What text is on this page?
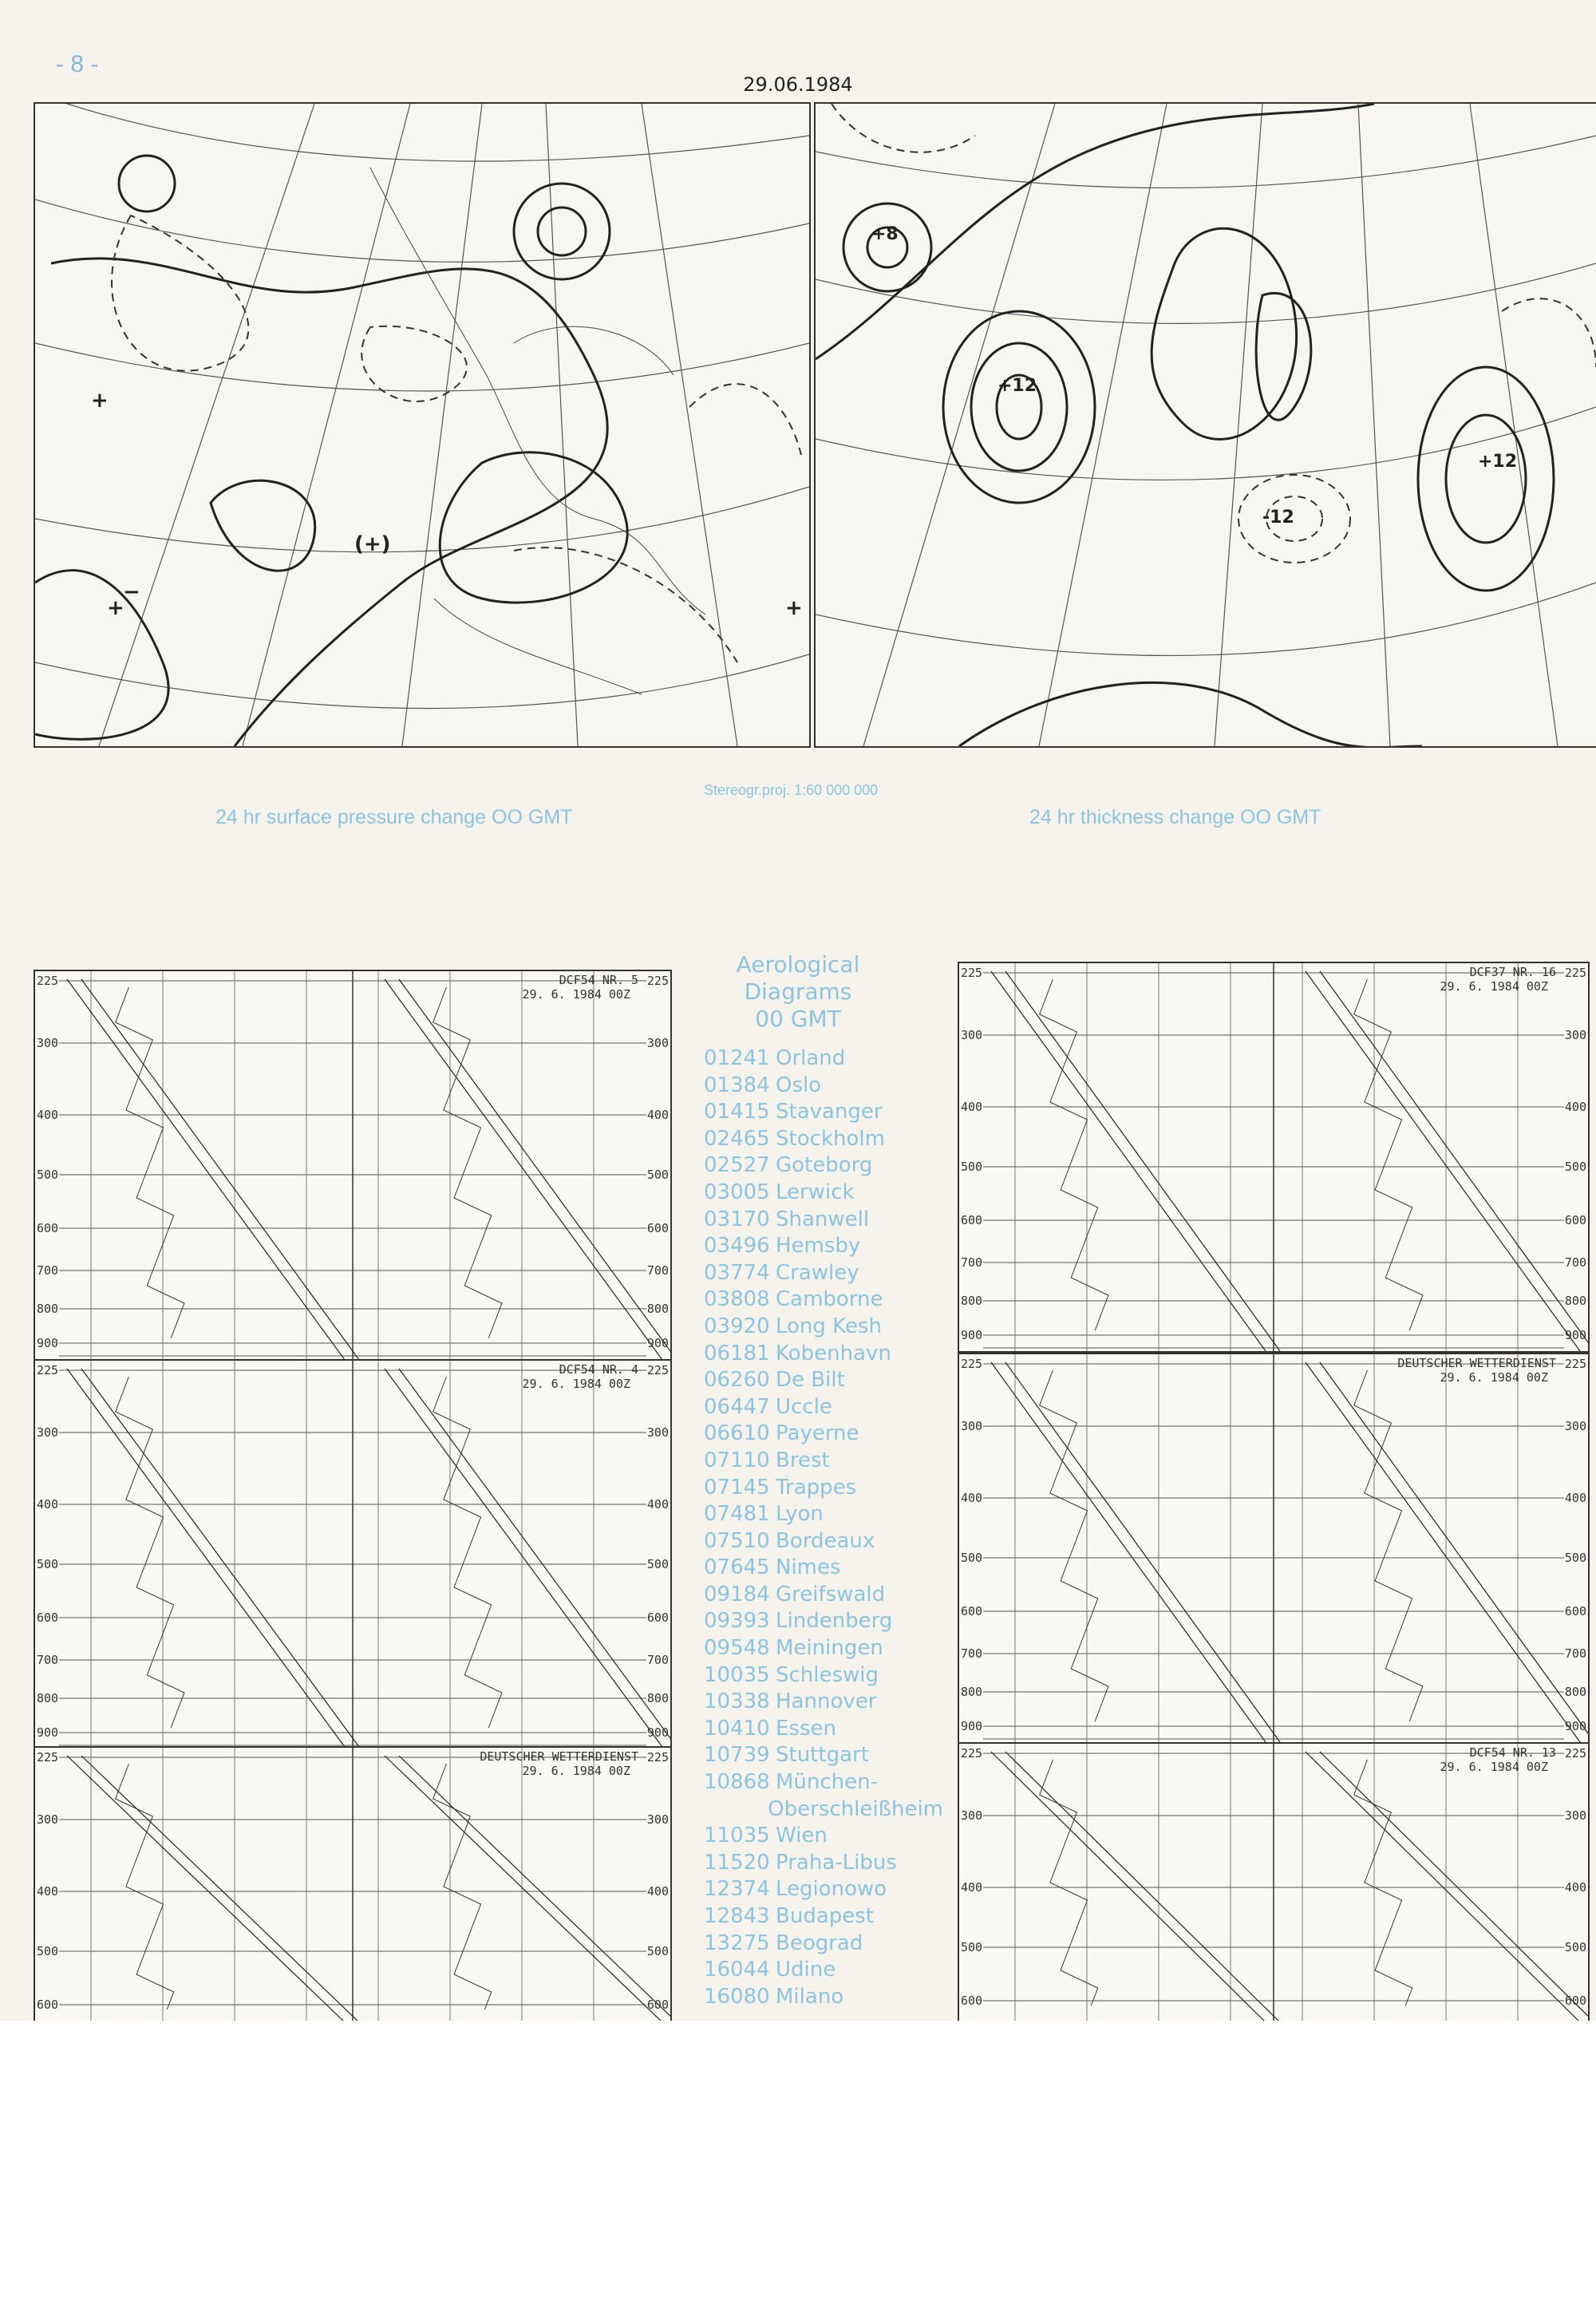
- 8 -
29.06.1984
(+)
+
+
+
−
+12
-12
+12
+8
24 hr surface pressure change OO GMT
Stereogr.proj. 1:60 000 000
24 hr thickness change OO GMT
225	225
300	300
400	400
500	500
600	600
700	700
800	800
900	900
DCF54 NR. 5
29. 6. 1984 00Z
225	225
300	300
400	400
500	500
600	600
700	700
800	800
900	900
DCF37 NR. 16
29. 6. 1984 00Z
225	225
300	300
400	400
500	500
600	600
700	700
800	800
900	900
DCF54 NR. 4
29. 6. 1984 00Z
225	225
300	300
400	400
500	500
600	600
700	700
800	800
900	900
DEUTSCHER WETTERDIENST
29. 6. 1984 00Z
225	225
300	300
400	400
500	500
600	600
DEUTSCHER WETTERDIENST
29. 6. 1984 00Z
225	225
300	300
400	400
500	500
600	600
DCF54 NR. 13
29. 6. 1984 00Z
Aerological
Diagrams
00 GMT
01241 Orland
01384 Oslo
01415 Stavanger
02465 Stockholm
02527 Goteborg
03005 Lerwick
03170 Shanwell
03496 Hemsby
03774 Crawley
03808 Camborne
03920 Long Kesh
06181 Kobenhavn
06260 De Bilt
06447 Uccle
06610 Payerne
07110 Brest
07145 Trappes
07481 Lyon
07510 Bordeaux
07645 Nimes
09184 Greifswald
09393 Lindenberg
09548 Meiningen
10035 Schleswig
10338 Hannover
10410 Essen
10739 Stuttgart
10868 München-
Oberschleißheim
11035 Wien
11520 Praha-Libus
12374 Legionowo
12843 Budapest
13275 Beograd
16044 Udine
16080 Milano
